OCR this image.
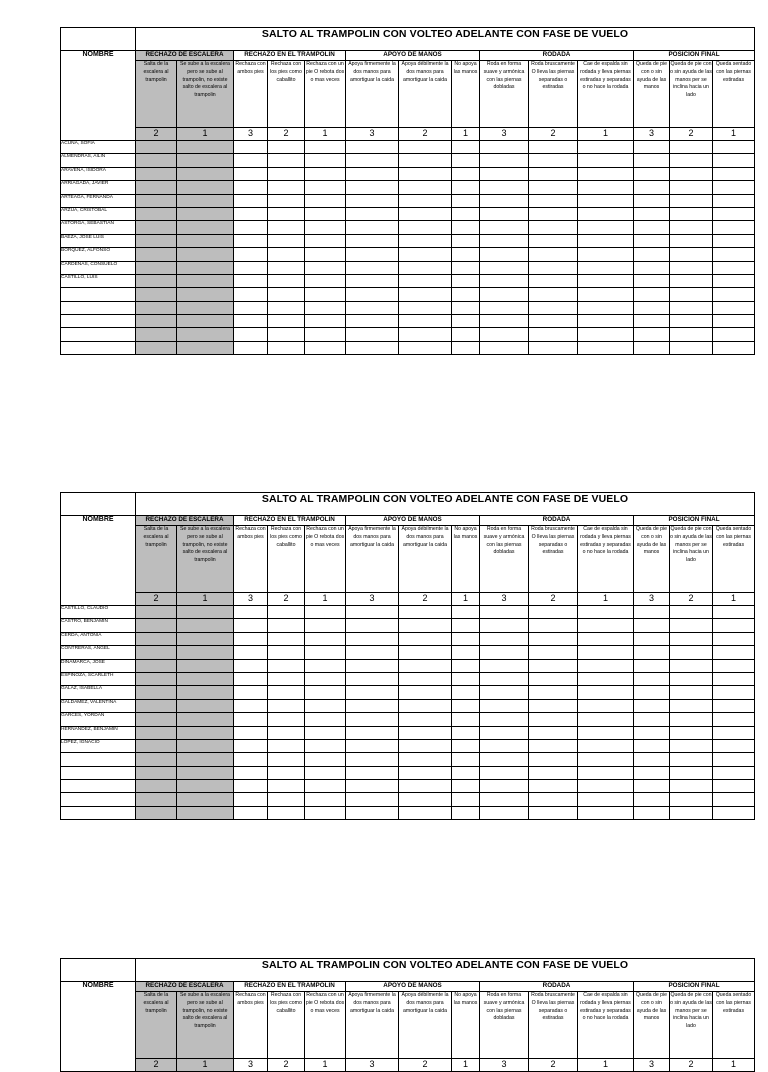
	SALTO AL TRAMPOLIN CON VOLTEO ADELANTE CON FASE DE VUELO													
NOMBRE	RECHAZO DE ESCALERA		RECHAZO EN EL TRAMPOLIN			APOYO DE MANOS			RODADA			POSICION FINAL		
	Salta de la escalera al trampolin	Se sube a la escalera pero se sube al trampolin, no existe salto de escalera al trampolin	Rechaza con ambos pies	Rechaza con los pies como caballito	Rechaza con un pie O rebota dos o mas veces	Apoya firmemente la dos manos para amortiguar la caida	Apoya débilmente la dos manos para amortiguar la caida	No apoya las manos	Roda en forma suave y armónica con las piernas dobladas	Roda bruscamente O lleva las piernas separadas o estiradas	Cae de espalda sin rodada y lleva piernas estiradas y separadas o no hace la rodada	Queda de pie con o sin ayuda de las manos	Queda de pie con o sin ayuda de las manos per se inclina hacia un lado	Queda sentado con las piernas estiradas
	2	1	3	2	1	3	2	1	3	2	1	3	2	1
ACUÑA, SOFIA														
ALMENDRAS, AILIN														
ARAVENA, ISIDORA														
ARRIAGADA, JAVIER														
ARTEAGA, FERNANDA														
ARZUA, CRISTOBAL														
ASTORGA, SEBASTIAN														
BAEZA, JOSE LUIS														
BORQUEZ, ALFONSO														
CARDENAS, CONSUELO														
CASTILLO, LUIS														

	SALTO AL TRAMPOLIN CON VOLTEO ADELANTE CON FASE DE VUELO													
NOMBRE	RECHAZO DE ESCALERA		RECHAZO EN EL TRAMPOLIN			APOYO DE MANOS			RODADA			POSICION FINAL		
	Salta de la escalera al trampolin	Se sube a la escalera pero se sube al trampolin, no existe salto de escalera al trampolin	Rechaza con ambos pies	Rechaza con los pies como caballito	Rechaza con un pie O rebota dos o mas veces	Apoya firmemente la dos manos para amortiguar la caida	Apoya débilmente la dos manos para amortiguar la caida	No apoya las manos	Roda en forma suave y armónica con las piernas dobladas	Roda bruscamente O lleva las piernas separadas o estiradas	Cae de espalda sin rodada y lleva piernas estiradas y separadas o no hace la rodada	Queda de pie con o sin ayuda de las manos	Queda de pie con o sin ayuda de las manos per se inclina hacia un lado	Queda sentado con las piernas estiradas
	2	1	3	2	1	3	2	1	3	2	1	3	2	1
CASTILLO, CLAUDIO														
CASTRO, BENJAMIN														
CERDA, ANTONIA														
CONTRERAS, ANGEL														
DINAMARCA, JOSE														
ESPINOZA, SCARLETH														
GALAZ, ISABELLA														
GALDAMEZ, VALENTINA														
GARCES, YORDAN														
HERNANDEZ, BENJAMIN														
LOPEZ, IGNACIO														

	SALTO AL TRAMPOLIN CON VOLTEO ADELANTE CON FASE DE VUELO													
NOMBRE	RECHAZO DE ESCALERA		RECHAZO EN EL TRAMPOLIN			APOYO DE MANOS			RODADA			POSICION FINAL		
	Salta de la escalera al trampolin	Se sube a la escalera pero se sube al trampolin, no existe salto de escalera al trampolin	Rechaza con ambos pies	Rechaza con los pies como caballito	Rechaza con un pie O rebota dos o mas veces	Apoya firmemente la dos manos para amortiguar la caida	Apoya débilmente la dos manos para amortiguar la caida	No apoya las manos	Roda en forma suave y armónica con las piernas dobladas	Roda bruscamente O lleva las piernas separadas o estiradas	Cae de espalda sin rodada y lleva piernas estiradas y separadas o no hace la rodada	Queda de pie con o sin ayuda de las manos	Queda de pie con o sin ayuda de las manos per se inclina hacia un lado	Queda sentado con las piernas estiradas
	2	1	3	2	1	3	2	1	3	2	1	3	2	1
